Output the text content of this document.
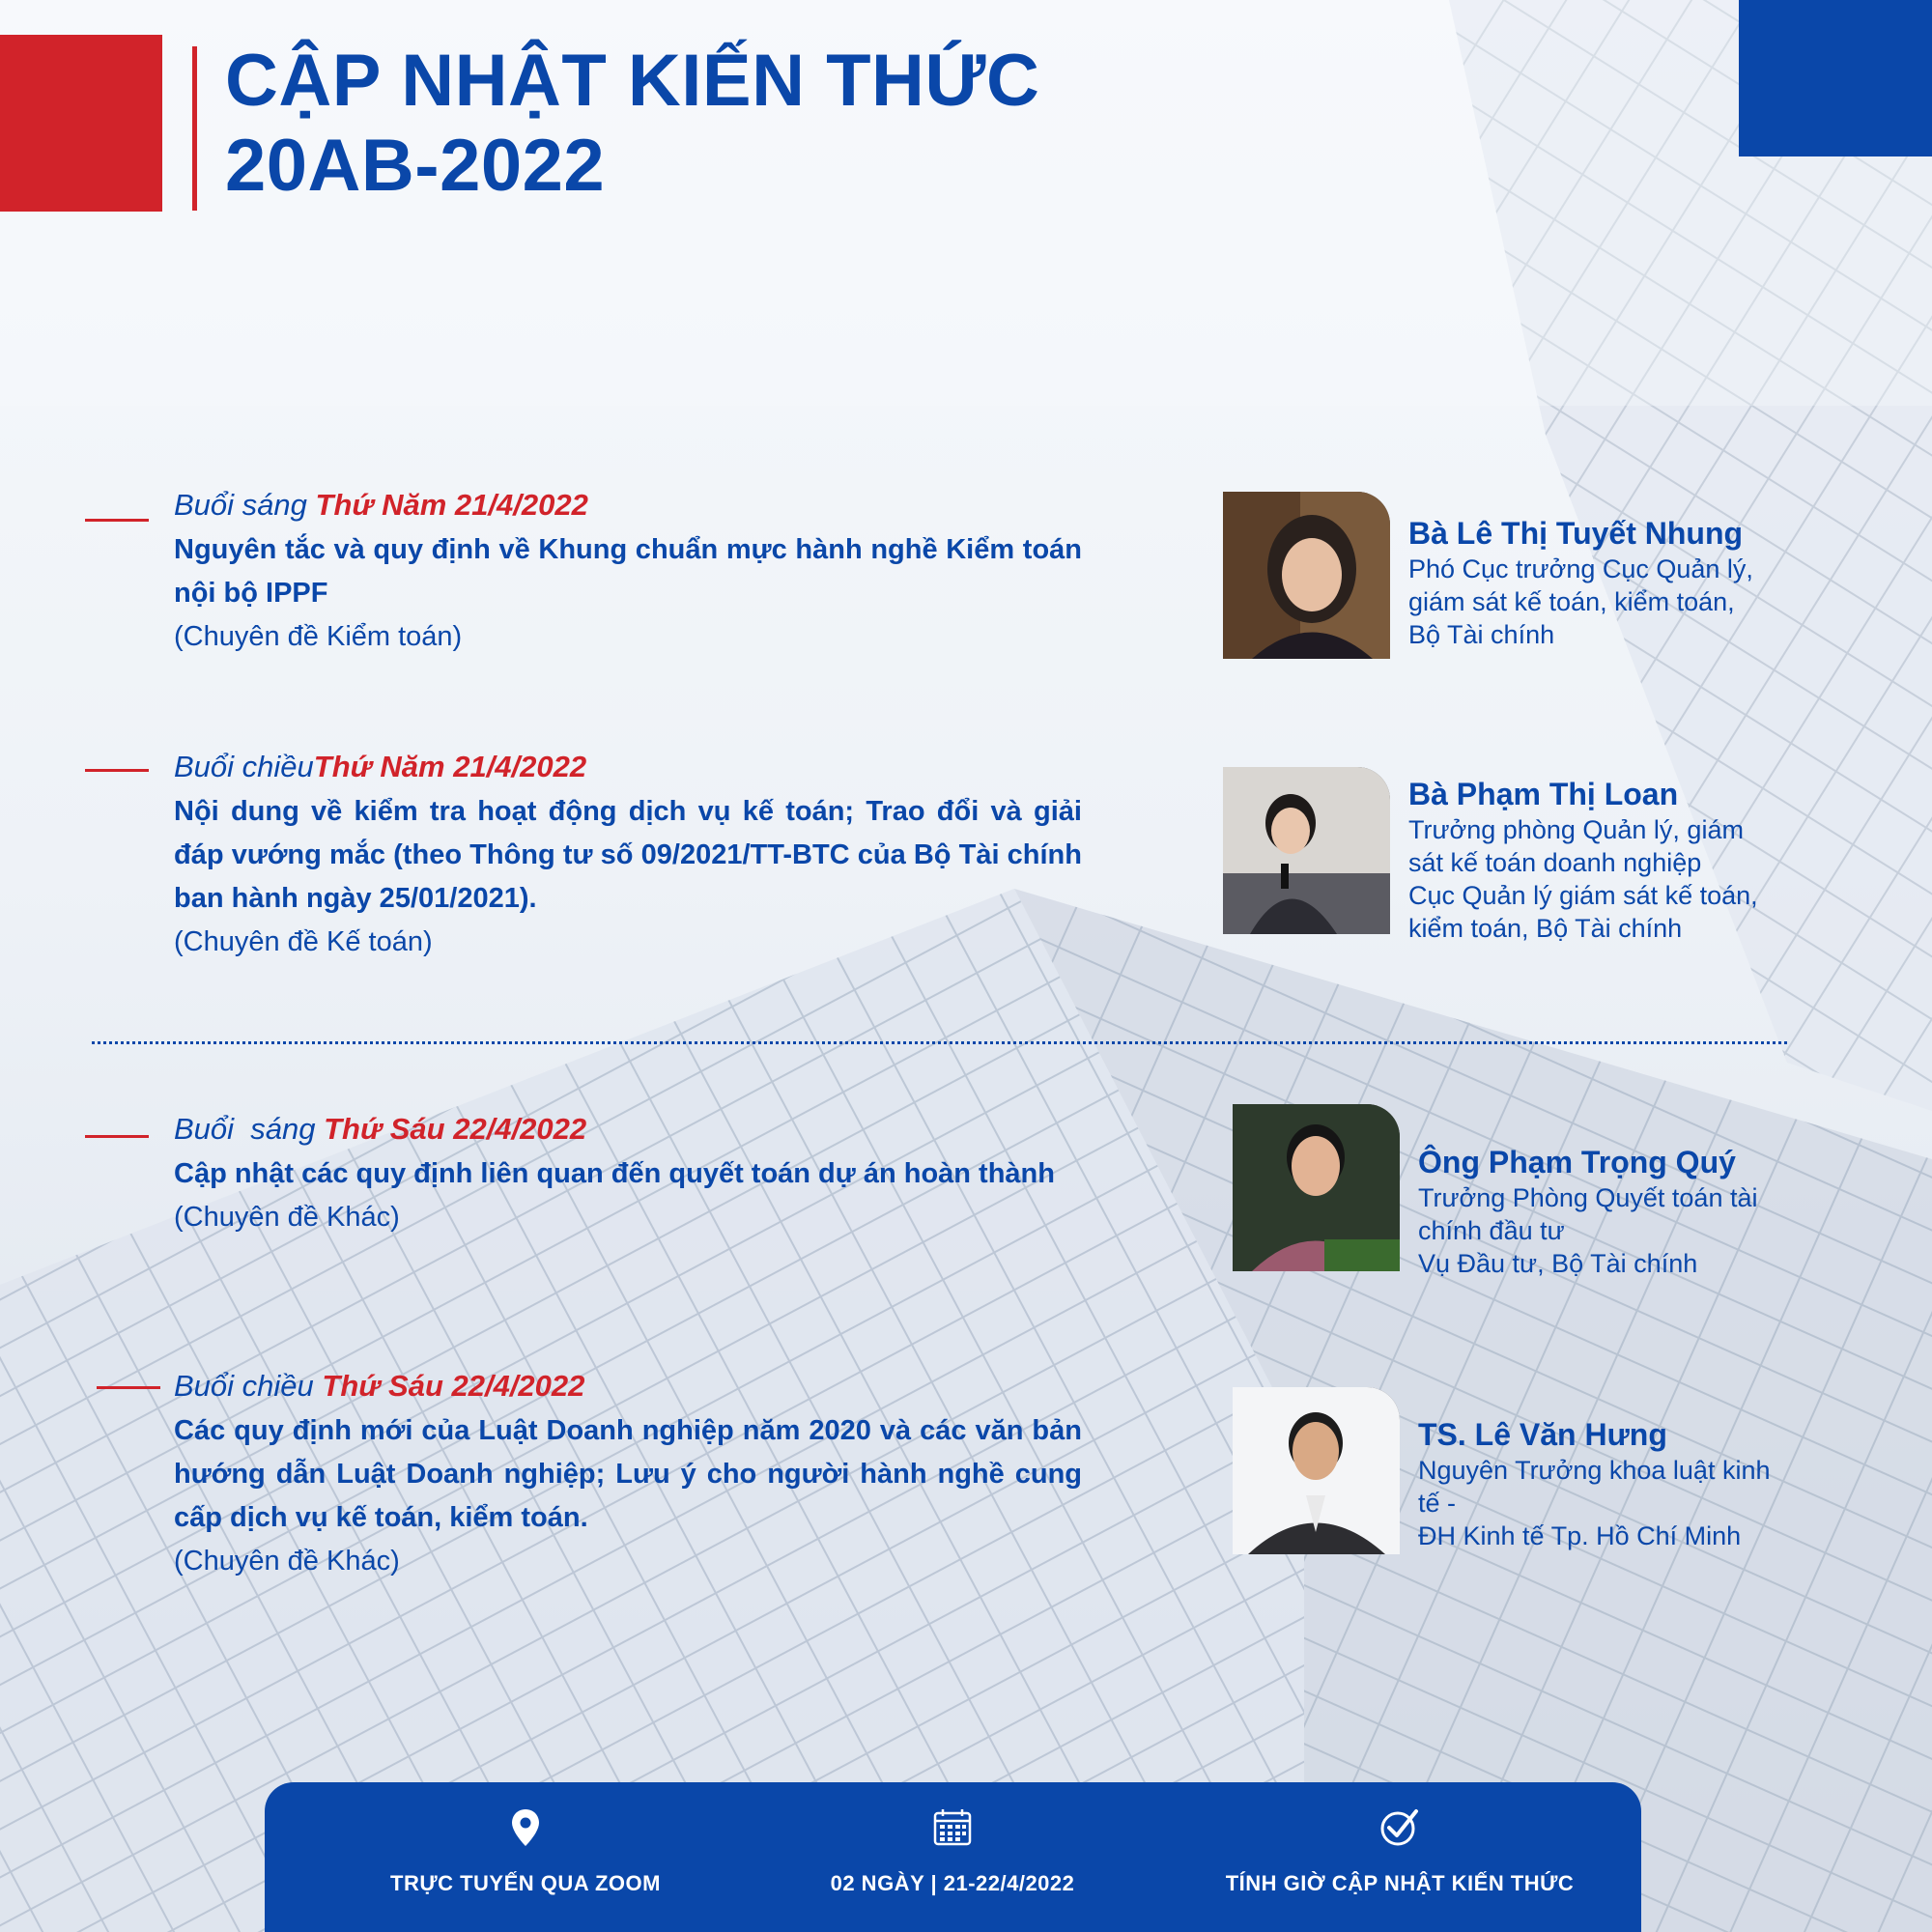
CẬP NHẬT KIẾN THỨC
20AB-2022
Buổi sáng Thứ Năm 21/4/2022
Nguyên tắc và quy định về Khung chuẩn mực hành nghề Kiểm toán nội bộ IPPF
(Chuyên đề Kiểm toán)
Buổi chiềuThứ Năm 21/4/2022
Nội dung về kiểm tra hoạt động dịch vụ kế toán; Trao đổi và giải đáp vướng mắc (theo Thông tư số 09/2021/TT-BTC của Bộ Tài chính ban hành ngày 25/01/2021).
(Chuyên đề Kế toán)
Buổi  sáng Thứ Sáu 22/4/2022
Cập nhật các quy định liên quan đến quyết toán dự án hoàn thành
(Chuyên đề Khác)
Buổi chiều Thứ Sáu 22/4/2022
Các quy định mới của Luật Doanh nghiệp năm 2020 và các văn bản hướng dẫn Luật Doanh nghiệp; Lưu ý cho người hành nghề cung cấp dịch vụ kế toán, kiểm toán.
(Chuyên đề Khác)
Bà Lê Thị Tuyết Nhung
Phó Cục trưởng Cục Quản lý,
giám sát kế toán, kiểm toán,
Bộ Tài chính
Bà Phạm Thị Loan
Trưởng phòng Quản lý, giám
sát kế toán doanh nghiệp
Cục Quản lý giám sát kế toán,
kiểm toán, Bộ Tài chính
Ông Phạm Trọng Quý
Trưởng Phòng Quyết toán tài
chính đầu tư
Vụ Đầu tư, Bộ Tài chính
TS. Lê Văn Hưng
Nguyên Trưởng khoa luật kinh
tế -
ĐH Kinh tế Tp. Hồ Chí Minh
TRỰC TUYẾN QUA ZOOM	02 NGÀY | 21-22/4/2022	TÍNH GIỜ CẬP NHẬT KIẾN THỨC
